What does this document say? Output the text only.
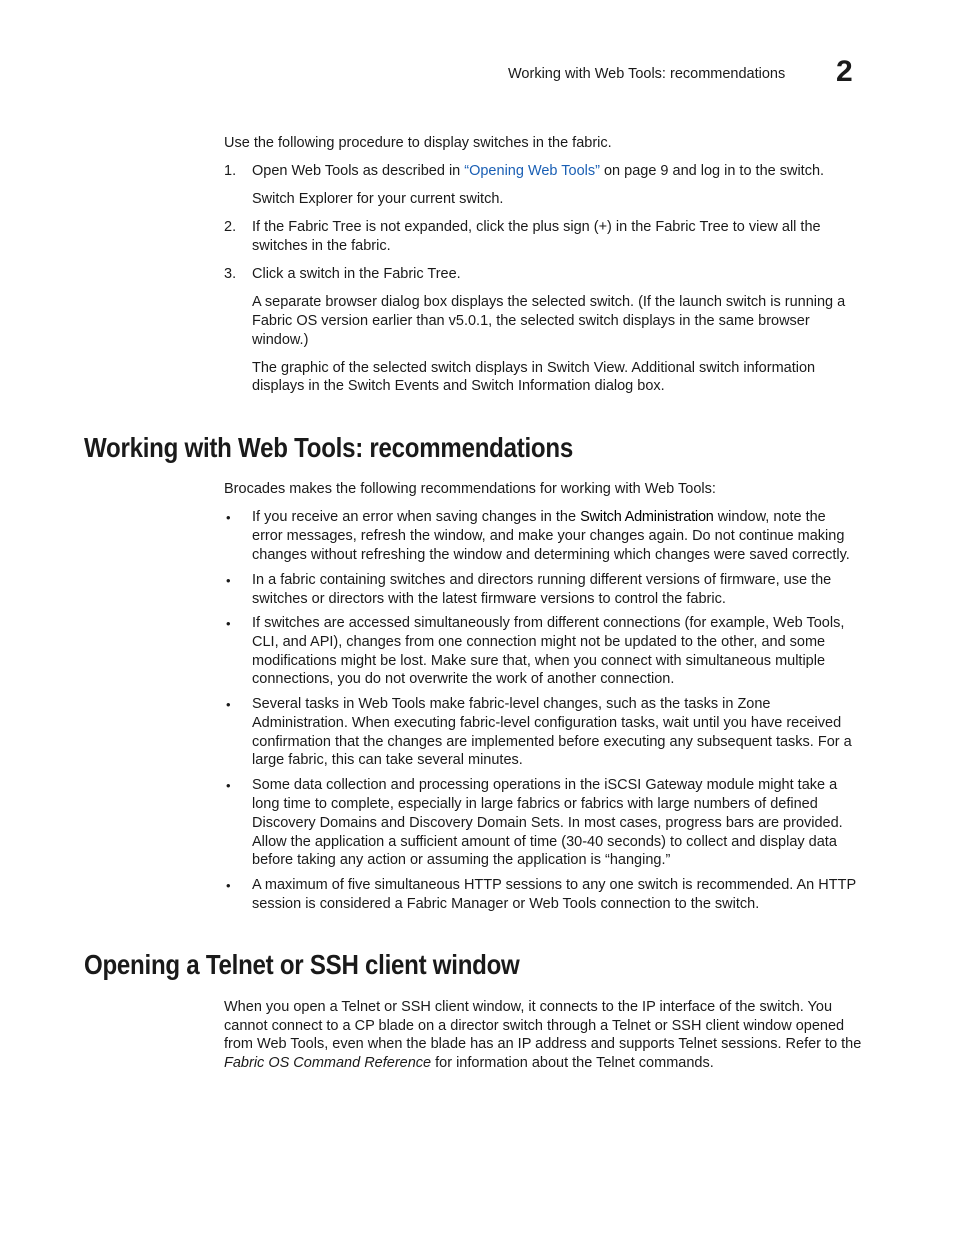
Working with Web Tools: recommendations 2
Use the following procedure to display switches in the fabric.
1. Open Web Tools as described in “Opening Web Tools” on page 9 and log in to the switch.
Switch Explorer for your current switch.
2. If the Fabric Tree is not expanded, click the plus sign (+) in the Fabric Tree to view all the
switches in the fabric.
3. Click a switch in the Fabric Tree.
A separate browser dialog box displays the selected switch. (If the launch switch is running a
Fabric OS version earlier than v5.0.1, the selected switch displays in the same browser
window.)
The graphic of the selected switch displays in Switch View. Additional switch information
displays in the Switch Events and Switch Information dialog box.
Working with Web Tools: recommendations
Brocades makes the following recommendations for working with Web Tools:
• If you receive an error when saving changes in the Switch Administration window, note the
error messages, refresh the window, and make your changes again. Do not continue making
changes without refreshing the window and determining which changes were saved correctly.
• In a fabric containing switches and directors running different versions of firmware, use the
switches or directors with the latest firmware versions to control the fabric.
• If switches are accessed simultaneously from different connections (for example, Web Tools,
CLI, and API), changes from one connection might not be updated to the other, and some
modifications might be lost. Make sure that, when you connect with simultaneous multiple
connections, you do not overwrite the work of another connection.
• Several tasks in Web Tools make fabric-level changes, such as the tasks in Zone
Administration. When executing fabric-level configuration tasks, wait until you have received
confirmation that the changes are implemented before executing any subsequent tasks. For a
large fabric, this can take several minutes.
• Some data collection and processing operations in the iSCSI Gateway module might take a
long time to complete, especially in large fabrics or fabrics with large numbers of defined
Discovery Domains and Discovery Domain Sets. In most cases, progress bars are provided.
Allow the application a sufficient amount of time (30-40 seconds) to collect and display data
before taking any action or assuming the application is “hanging.”
• A maximum of five simultaneous HTTP sessions to any one switch is recommended. An HTTP
session is considered a Fabric Manager or Web Tools connection to the switch.
Opening a Telnet or SSH client window
When you open a Telnet or SSH client window, it connects to the IP interface of the switch. You
cannot connect to a CP blade on a director switch through a Telnet or SSH client window opened
from Web Tools, even when the blade has an IP address and supports Telnet sessions. Refer to the
Fabric OS Command Reference for information about the Telnet commands.
